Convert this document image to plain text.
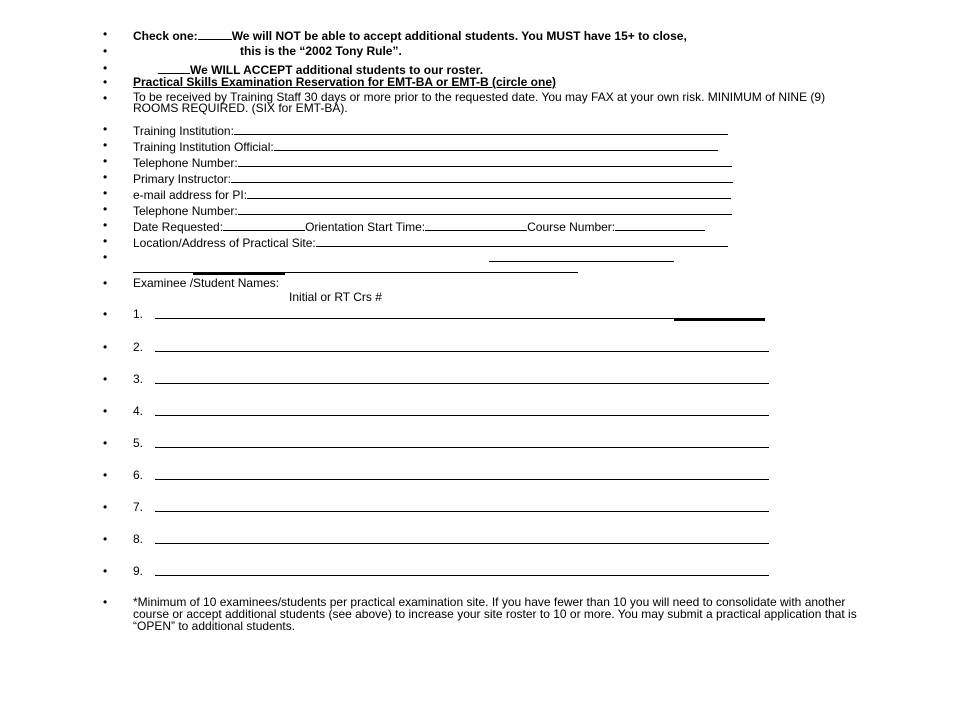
• Check one:	We will NOT be able to accept additional students. You MUST have 15+ to close,
•	this is the “2002 Tony Rule”.
•	We WILL ACCEPT additional students to our roster.
• Practical Skills Examination Reservation for EMT-BA or EMT-B (circle one)
• To be received by Training Staff 30 days or more prior to the requested date. You may FAX at your own risk. MINIMUM of NINE (9) ROOMS REQUIRED. (SIX for EMT-BA).
• Training Institution:
• Training Institution Official:
• Telephone Number:
• Primary Instructor:
• e-mail address for PI:
• Telephone Number:
• Date Requested:	Orientation Start Time:	Course Number:
• Location/Address of Practical Site:
•
• Examinee /Student Names:
Initial or RT Crs #
• 1.
• 2.
• 3.
• 4.
• 5.
• 6.
• 7.
• 8.
• 9.
• *Minimum of 10 examinees/students per practical examination site. If you have fewer than 10 you will need to consolidate with another course or accept additional students (see above) to increase your site roster to 10 or more. You may submit a practical application that is “OPEN” to additional students.
